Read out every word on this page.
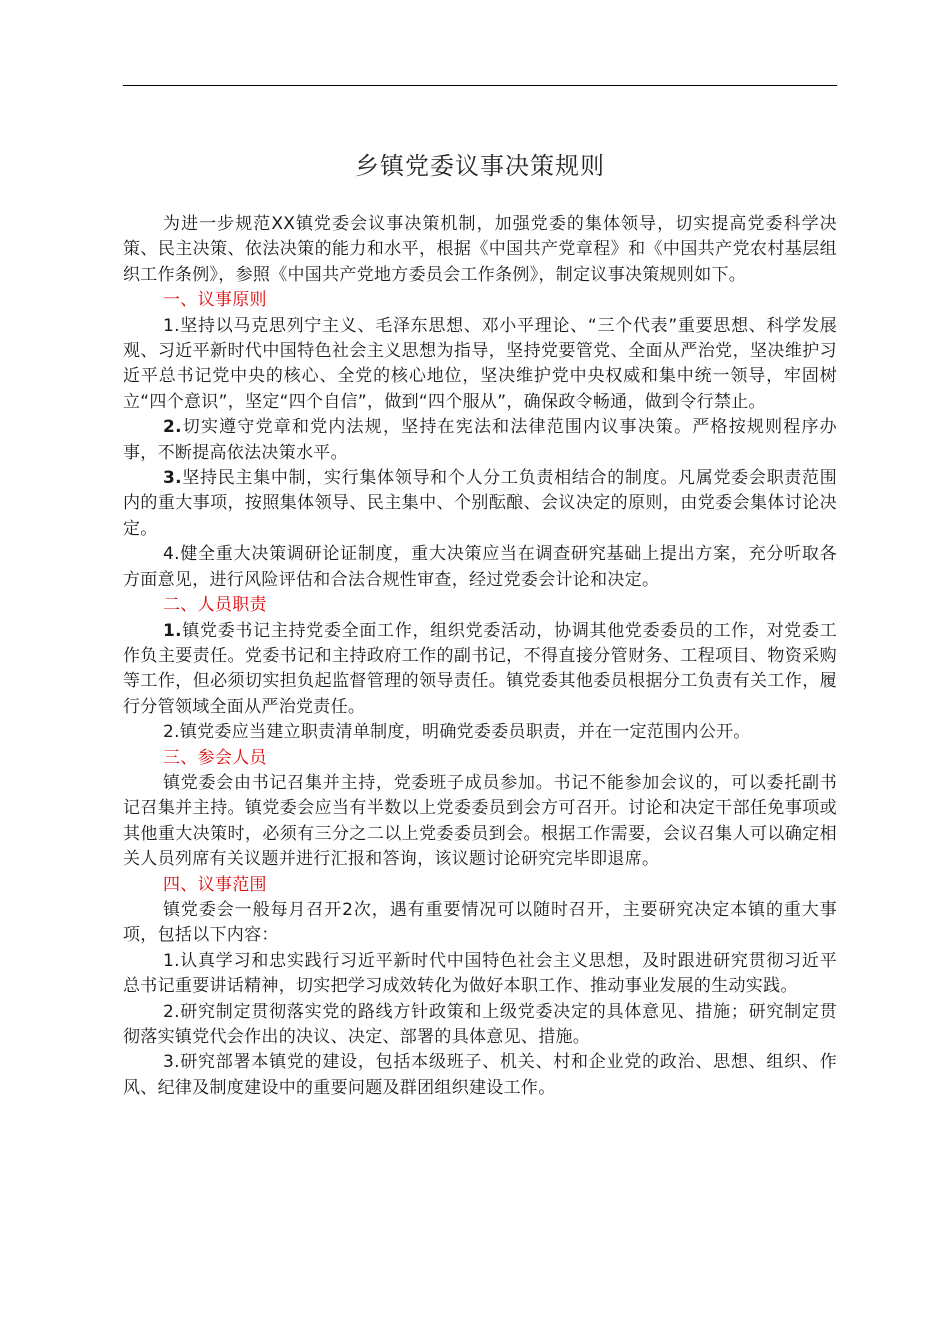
乡镇党委议事决策规则

为进一步规范XX镇党委会议事决策机制，加强党委的集体领导，切实提高党委科学决策、民主决策、依法决策的能力和水平，根据《中国共产党章程》和《中国共产党农村基层组织工作条例》，参照《中国共产党地方委员会工作条例》，制定议事决策规则如下。

一、议事原则

1.坚持以马克思列宁主义、毛泽东思想、邓小平理论、“三个代表”重要思想、科学发展观、习近平新时代中国特色社会主义思想为指导，坚持党要管党、全面从严治党，坚决维护习近平总书记党中央的核心、全党的核心地位，坚决维护党中央权威和集中统一领导，牢固树立“四个意识”，坚定“四个自信”，做到“四个服从”，确保政令畅通，做到令行禁止。

2.切实遵守党章和党内法规，坚持在宪法和法律范围内议事决策。严格按规则程序办事，不断提高依法决策水平。

3.坚持民主集中制，实行集体领导和个人分工负责相结合的制度。凡属党委会职责范围内的重大事项，按照集体领导、民主集中、个别酝酿、会议决定的原则，由党委会集体讨论决定。

4.健全重大决策调研论证制度，重大决策应当在调查研究基础上提出方案，充分听取各方面意见，进行风险评估和合法合规性审查，经过党委会计论和决定。

二、人员职责

1.镇党委书记主持党委全面工作，组织党委活动，协调其他党委委员的工作，对党委工作负主要责任。党委书记和主持政府工作的副书记，不得直接分管财务、工程项目、物资采购等工作，但必须切实担负起监督管理的领导责任。镇党委其他委员根据分工负责有关工作，履行分管领域全面从严治党责任。

2.镇党委应当建立职责清单制度，明确党委委员职责，并在一定范围内公开。

三、参会人员

镇党委会由书记召集并主持，党委班子成员参加。书记不能参加会议的，可以委托副书记召集并主持。镇党委会应当有半数以上党委委员到会方可召开。讨论和决定干部任免事项或其他重大决策时，必须有三分之二以上党委委员到会。根据工作需要，会议召集人可以确定相关人员列席有关议题并进行汇报和答询，该议题讨论研究完毕即退席。

四、议事范围

镇党委会一般每月召开2次，遇有重要情况可以随时召开，主要研究决定本镇的重大事项，包括以下内容：

1.认真学习和忠实践行习近平新时代中国特色社会主义思想，及时跟进研究贯彻习近平总书记重要讲话精神，切实把学习成效转化为做好本职工作、推动事业发展的生动实践。

2.研究制定贯彻落实党的路线方针政策和上级党委决定的具体意见、措施；研究制定贯彻落实镇党代会作出的决议、决定、部署的具体意见、措施。

3.研究部署本镇党的建设，包括本级班子、机关、村和企业党的政治、思想、组织、作风、纪律及制度建设中的重要问题及群团组织建设工作。
